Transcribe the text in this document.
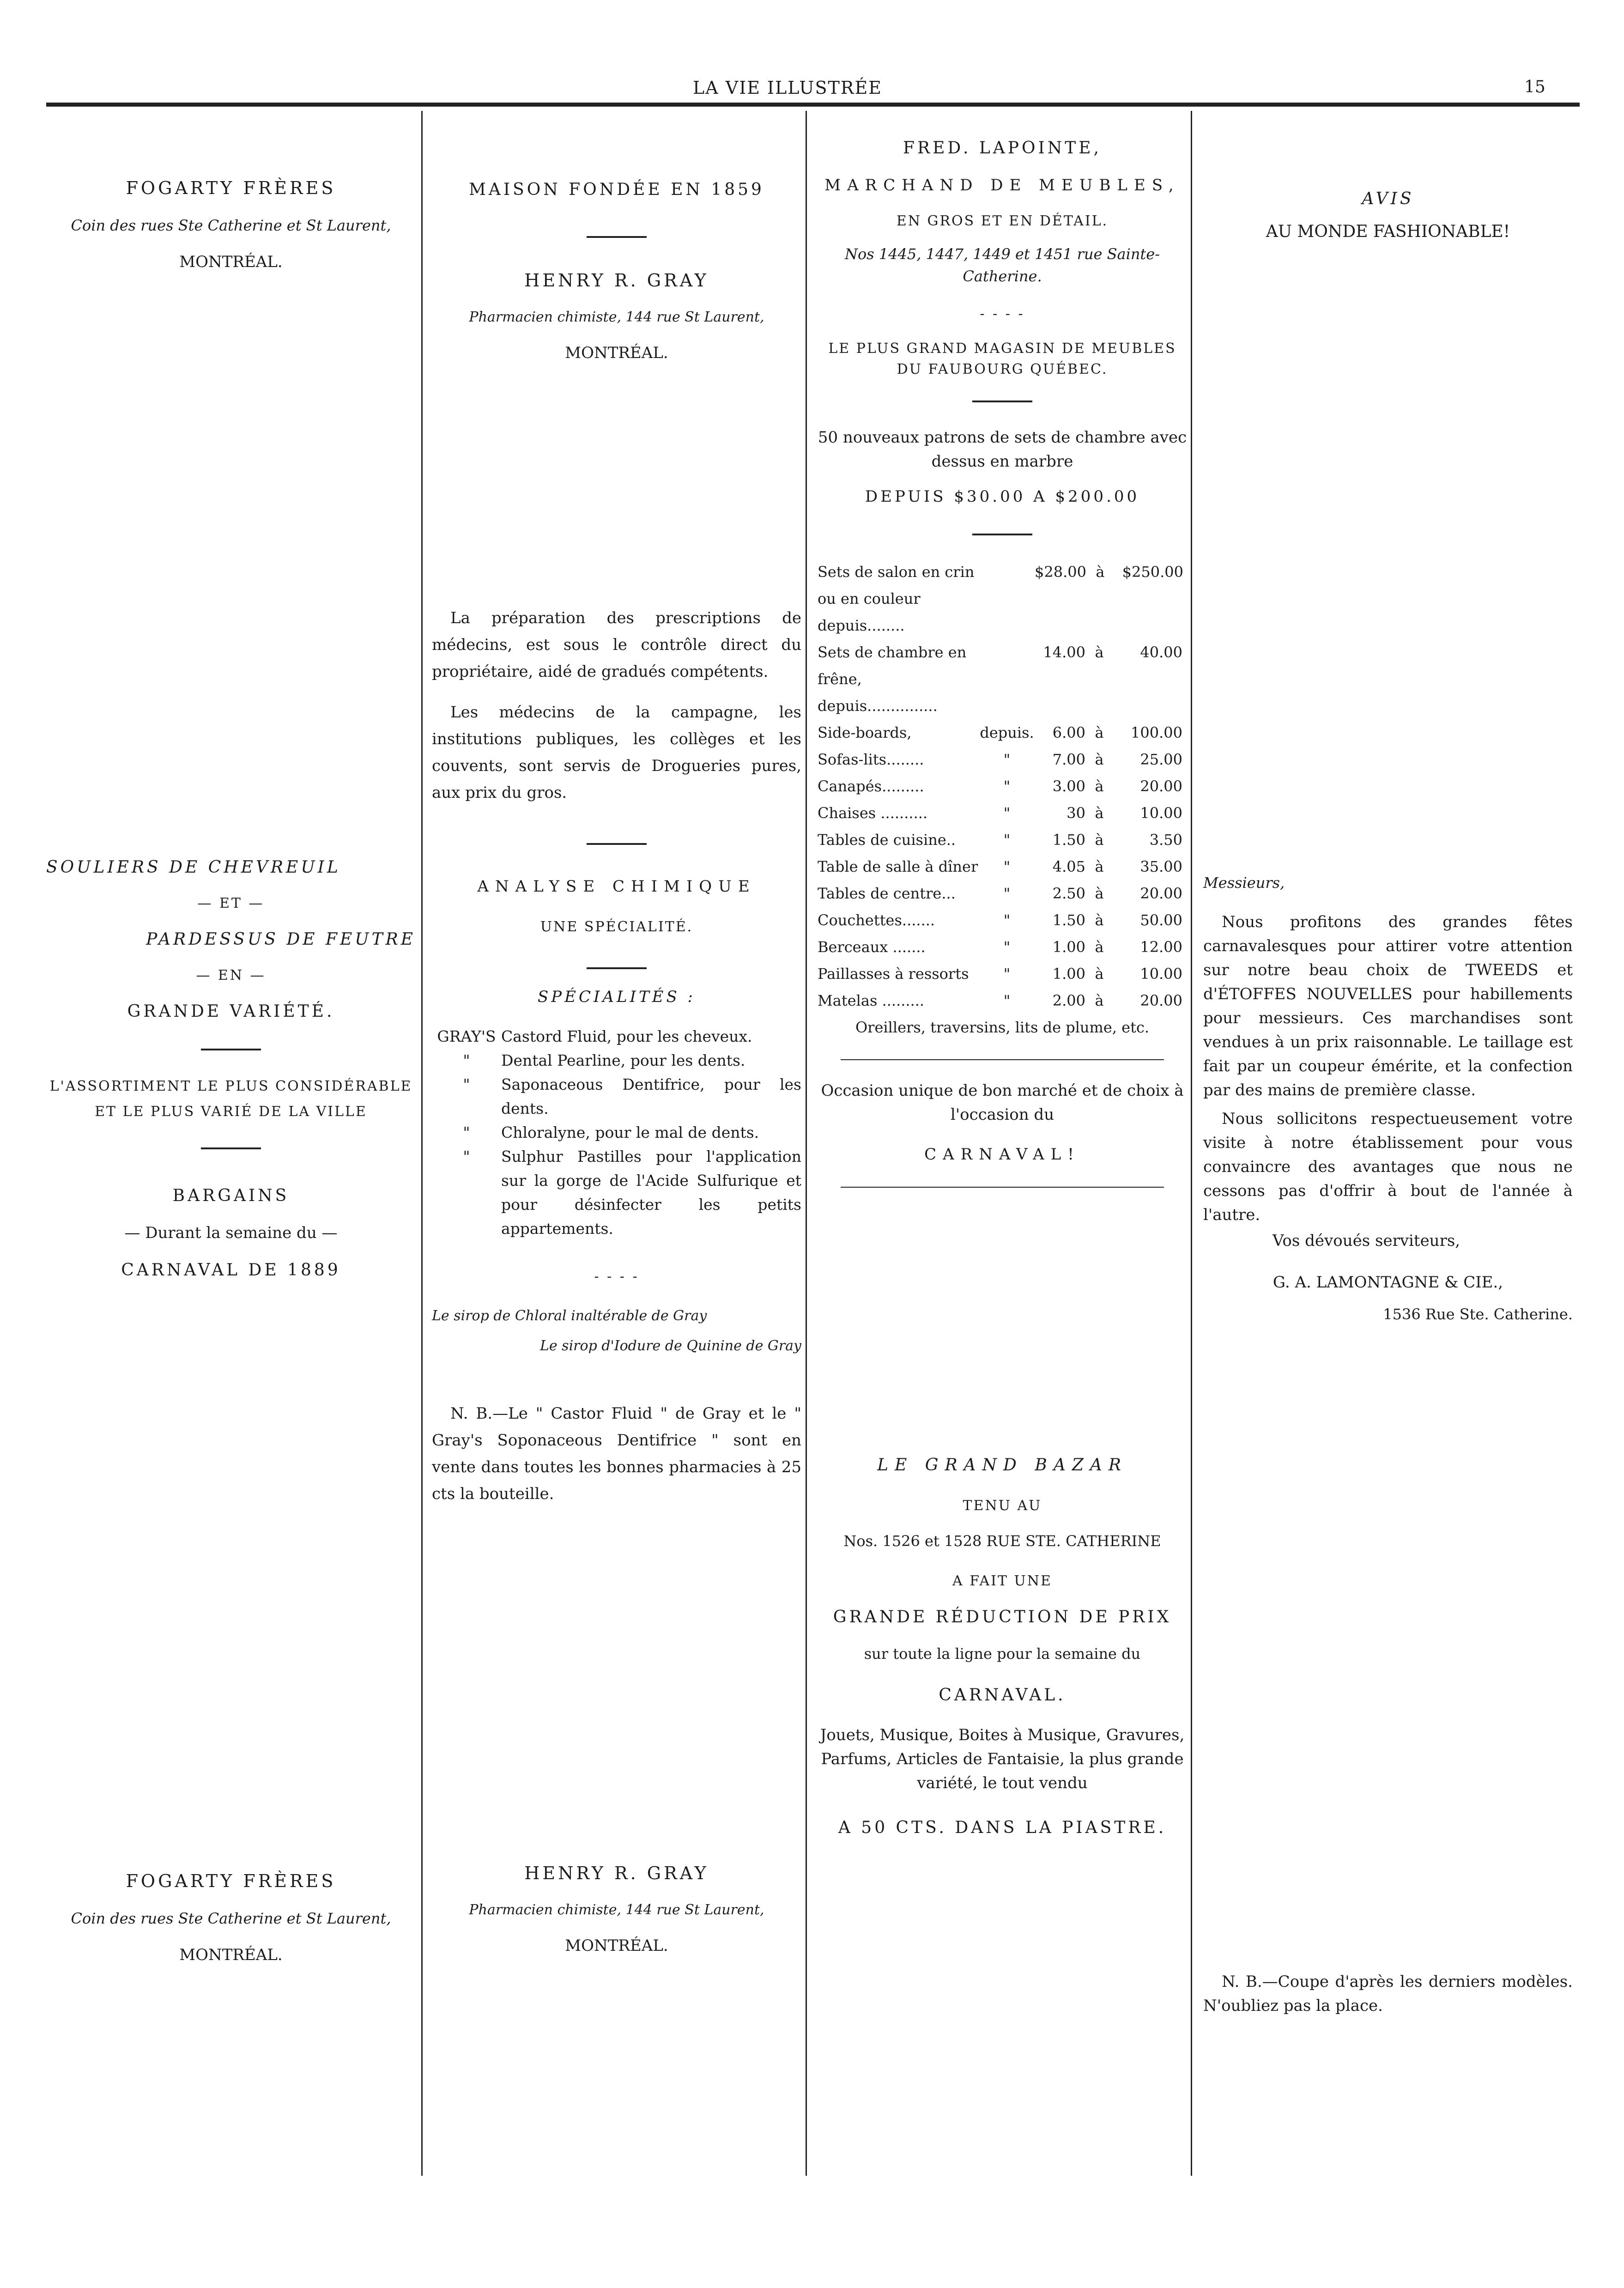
LA VIE ILLUSTRÉE	15
FOGARTY FRÈRES
Coin des rues Ste Catherine et St Laurent,
MONTRÉAL.
SOULIERS DE CHEVREUIL
— ET —
PARDESSUS DE FEUTRE
— EN —
GRANDE VARIÉTÉ.
L'ASSORTIMENT LE PLUS CONSIDÉRABLE
ET LE PLUS VARIÉ DE LA VILLE
BARGAINS
— Durant la semaine du —
CARNAVAL DE 1889
FOGARTY FRÈRES
Coin des rues Ste Catherine et St Laurent,
MONTRÉAL.
MAISON FONDÉE EN 1859
HENRY R. GRAY
Pharmacien chimiste, 144 rue St Laurent,
MONTRÉAL.

La préparation des prescriptions de médecins, est sous le contrôle direct du propriétaire, aidé de gradués compétents.

Les médecins de la campagne, les institutions publiques, les collèges et les couvents, sont servis de Drogueries pures, aux prix du gros.

ANALYSE CHIMIQUE
UNE SPÉCIALITÉ.
SPÉCIALITÉS :
GRAY'S Castord Fluid, pour les cheveux.
"	Dental Pearline, pour les dents.
"	Saponaceous Dentifrice, pour les dents.
"	Chloralyne, pour le mal de dents.
"	Sulphur Pastilles pour l'application sur la gorge de l'Acide Sulfurique et pour désinfecter les petits appartements.
- - - -
Le sirop de Chloral inaltérable de Gray
Le sirop d'Iodure de Quinine de Gray

N. B.—Le " Castor Fluid " de Gray et le " Gray's Soponaceous Dentifrice " sont en vente dans toutes les bonnes pharmacies à 25 cts la bouteille.

HENRY R. GRAY
Pharmacien chimiste, 144 rue St Laurent,
MONTRÉAL.
FRED. LAPOINTE,
MARCHAND DE MEUBLES,
EN GROS ET EN DÉTAIL.
Nos 1445, 1447, 1449 et 1451 rue Sainte-Catherine.
- - - -
LE PLUS GRAND MAGASIN DE MEUBLES
DU FAUBOURG QUÉBEC.
50 nouveaux patrons de sets de chambre avec dessus en marbre
DEPUIS $30.00 A $200.00
Sets de salon en crin ou en couleur depuis........
$28.00 à	$250.00
Sets de chambre en frêne, depuis...............
14.00 à	40.00
Side-boards,	depuis.	6.00 à	100.00
Sofas-lits........	"	7.00 à	25.00
Canapés.........	"	3.00 à	20.00
Chaises ..........	"	30 à	10.00
Tables de cuisine..	"	1.50 à	3.50
Table de salle à dîner	"	4.05 à	35.00
Tables de centre...	"	2.50 à	20.00
Couchettes.......	"	1.50 à	50.00
Berceaux .......	"	1.00 à	12.00
Paillasses à ressorts	"	1.00 à	10.00
Matelas .........	"	2.00 à	20.00
Oreillers, traversins, lits de plume, etc.
Occasion unique de bon marché et de choix à l'occasion du
CARNAVAL!
LE GRAND BAZAR
TENU AU
Nos. 1526 et 1528 RUE STE. CATHERINE
A FAIT UNE
GRANDE RÉDUCTION DE PRIX
sur toute la ligne pour la semaine du
CARNAVAL.

Jouets, Musique, Boites à Musique, Gravures, Parfums, Articles de Fantaisie, la plus grande variété, le tout vendu

A 50 CTS. DANS LA PIASTRE.
AVIS
AU MONDE FASHIONABLE!
Messieurs,

Nous profitons des grandes fêtes carnavalesques pour attirer votre attention sur notre beau choix de TWEEDS et d'ÉTOFFES NOUVELLES pour habillements pour messieurs. Ces marchandises sont vendues à un prix raisonnable. Le taillage est fait par un coupeur émérite, et la confection par des mains de première classe.

Nous sollicitons respectueusement votre visite à notre établissement pour vous convaincre des avantages que nous ne cessons pas d'offrir à bout de l'année à l'autre.

Vos dévoués serviteurs,
G. A. LAMONTAGNE & CIE.,
1536 Rue Ste. Catherine.

N. B.—Coupe d'après les derniers modèles. N'oubliez pas la place.
